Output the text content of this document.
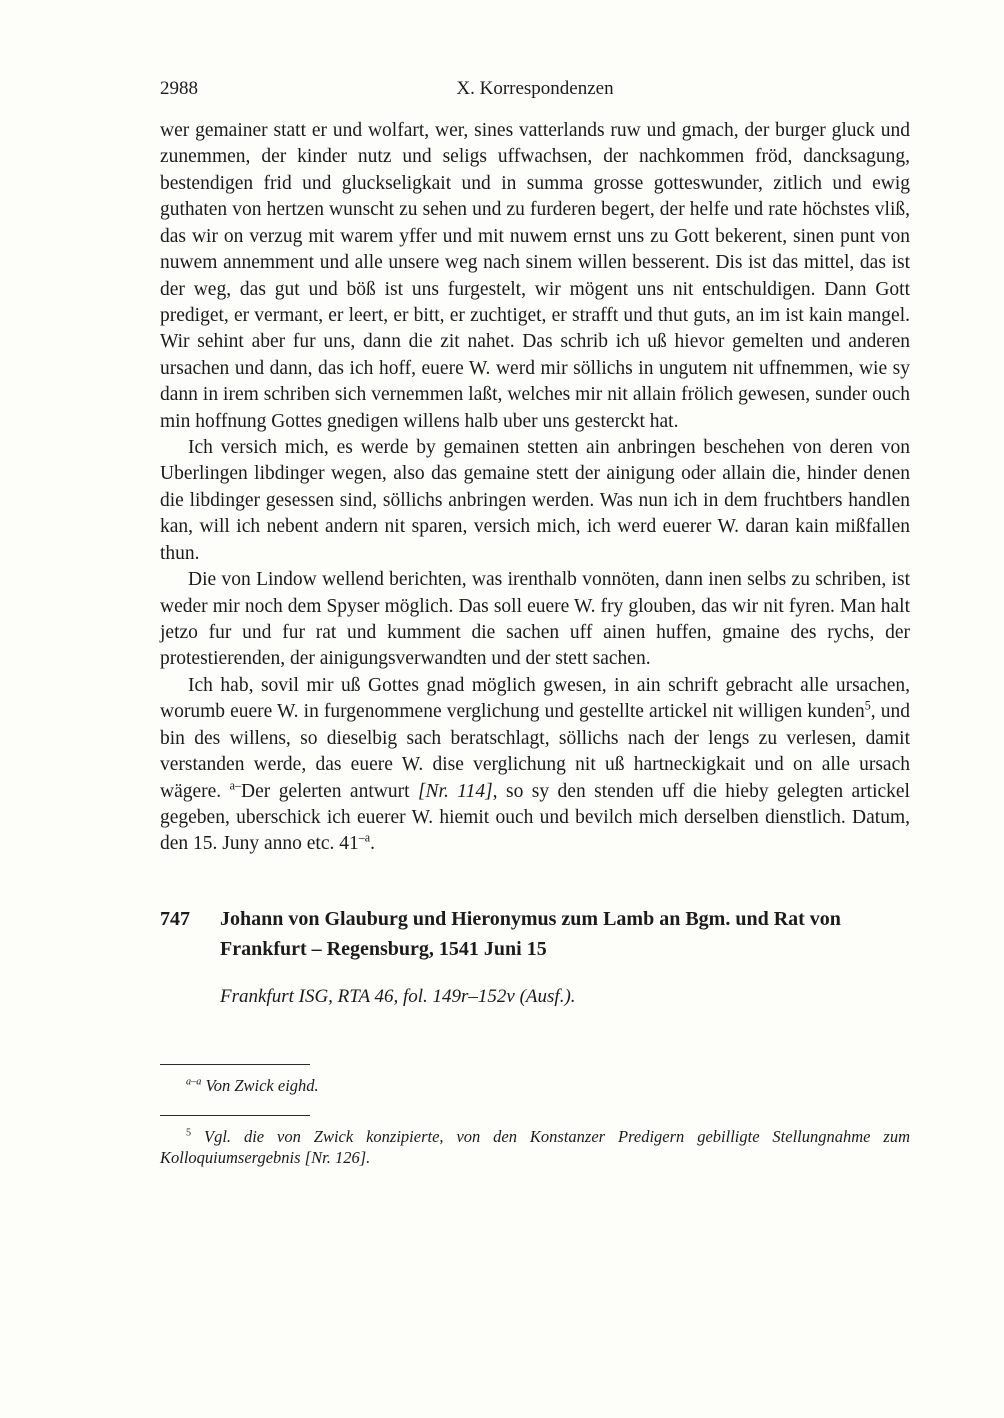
2988	X. Korrespondenzen

wer gemainer statt er und wolfart, wer, sines vatterlands ruw und gmach, der burger gluck und zunemmen, der kinder nutz und seligs uffwachsen, der nachkommen fröd, dancksagung, bestendigen frid und gluckseligkait und in summa grosse gotteswunder, zitlich und ewig guthaten von hertzen wunscht zu sehen und zu furderen begert, der helfe und rate höchstes vliß, das wir on verzug mit warem yffer und mit nuwem ernst uns zu Gott bekerent, sinen punt von nuwem annemment und alle unsere weg nach sinem willen besserent. Dis ist das mittel, das ist der weg, das gut und böß ist uns furgestelt, wir mögent uns nit entschuldigen. Dann Gott prediget, er vermant, er leert, er bitt, er zuchtiget, er strafft und thut guts, an im ist kain mangel. Wir sehint aber fur uns, dann die zit nahet. Das schrib ich uß hievor gemelten und anderen ursachen und dann, das ich hoff, euere W. werd mir söllichs in ungutem nit uffnemmen, wie sy dann in irem schriben sich vernemmen laßt, welches mir nit allain frölich gewesen, sunder ouch min hoffnung Gottes gnedigen willens halb uber uns gesterckt hat.

Ich versich mich, es werde by gemainen stetten ain anbringen beschehen von deren von Uberlingen libdinger wegen, also das gemaine stett der ainigung oder allain die, hinder denen die libdinger gesessen sind, söllichs anbringen werden. Was nun ich in dem fruchtbers handlen kan, will ich nebent andern nit sparen, versich mich, ich werd euerer W. daran kain mißfallen thun.

Die von Lindow wellend berichten, was irenthalb vonnöten, dann inen selbs zu schriben, ist weder mir noch dem Spyser möglich. Das soll euere W. fry glouben, das wir nit fyren. Man halt jetzo fur und fur rat und kumment die sachen uff ainen huffen, gmaine des rychs, der protestierenden, der ainigungsverwandten und der stett sachen.

Ich hab, sovil mir uß Gottes gnad möglich gwesen, in ain schrift gebracht alle ursachen, worumb euere W. in furgenommene verglichung und gestellte artickel nit willigen kunden$^5$, und bin des willens, so dieselbig sach beratschlagt, söllichs nach der lengs zu verlesen, damit verstanden werde, das euere W. dise verglichung nit uß hartneckigkait und on alle ursach wägere. $^{a-}$Der gelerten antwurt [Nr. 114], so sy den stenden uff die hieby gelegten artickel gegeben, uberschick ich euerer W. hiemit ouch und bevilch mich derselben dienstlich. Datum, den 15. Juny anno etc. $41^{-a}$.

747	Johann von Glauburg und Hieronymus zum Lamb an Bgm. und Rat von Frankfurt – Regensburg, 1541 Juni 15

Frankfurt ISG, RTA 46, fol. 149r–152v (Ausf.).

$^{a-a}$ Von Zwick eighd.

$^5$ Vgl. die von Zwick konzipierte, von den Konstanzer Predigern gebilligte Stellungnahme zum Kolloquiumsergebnis [Nr. 126].
